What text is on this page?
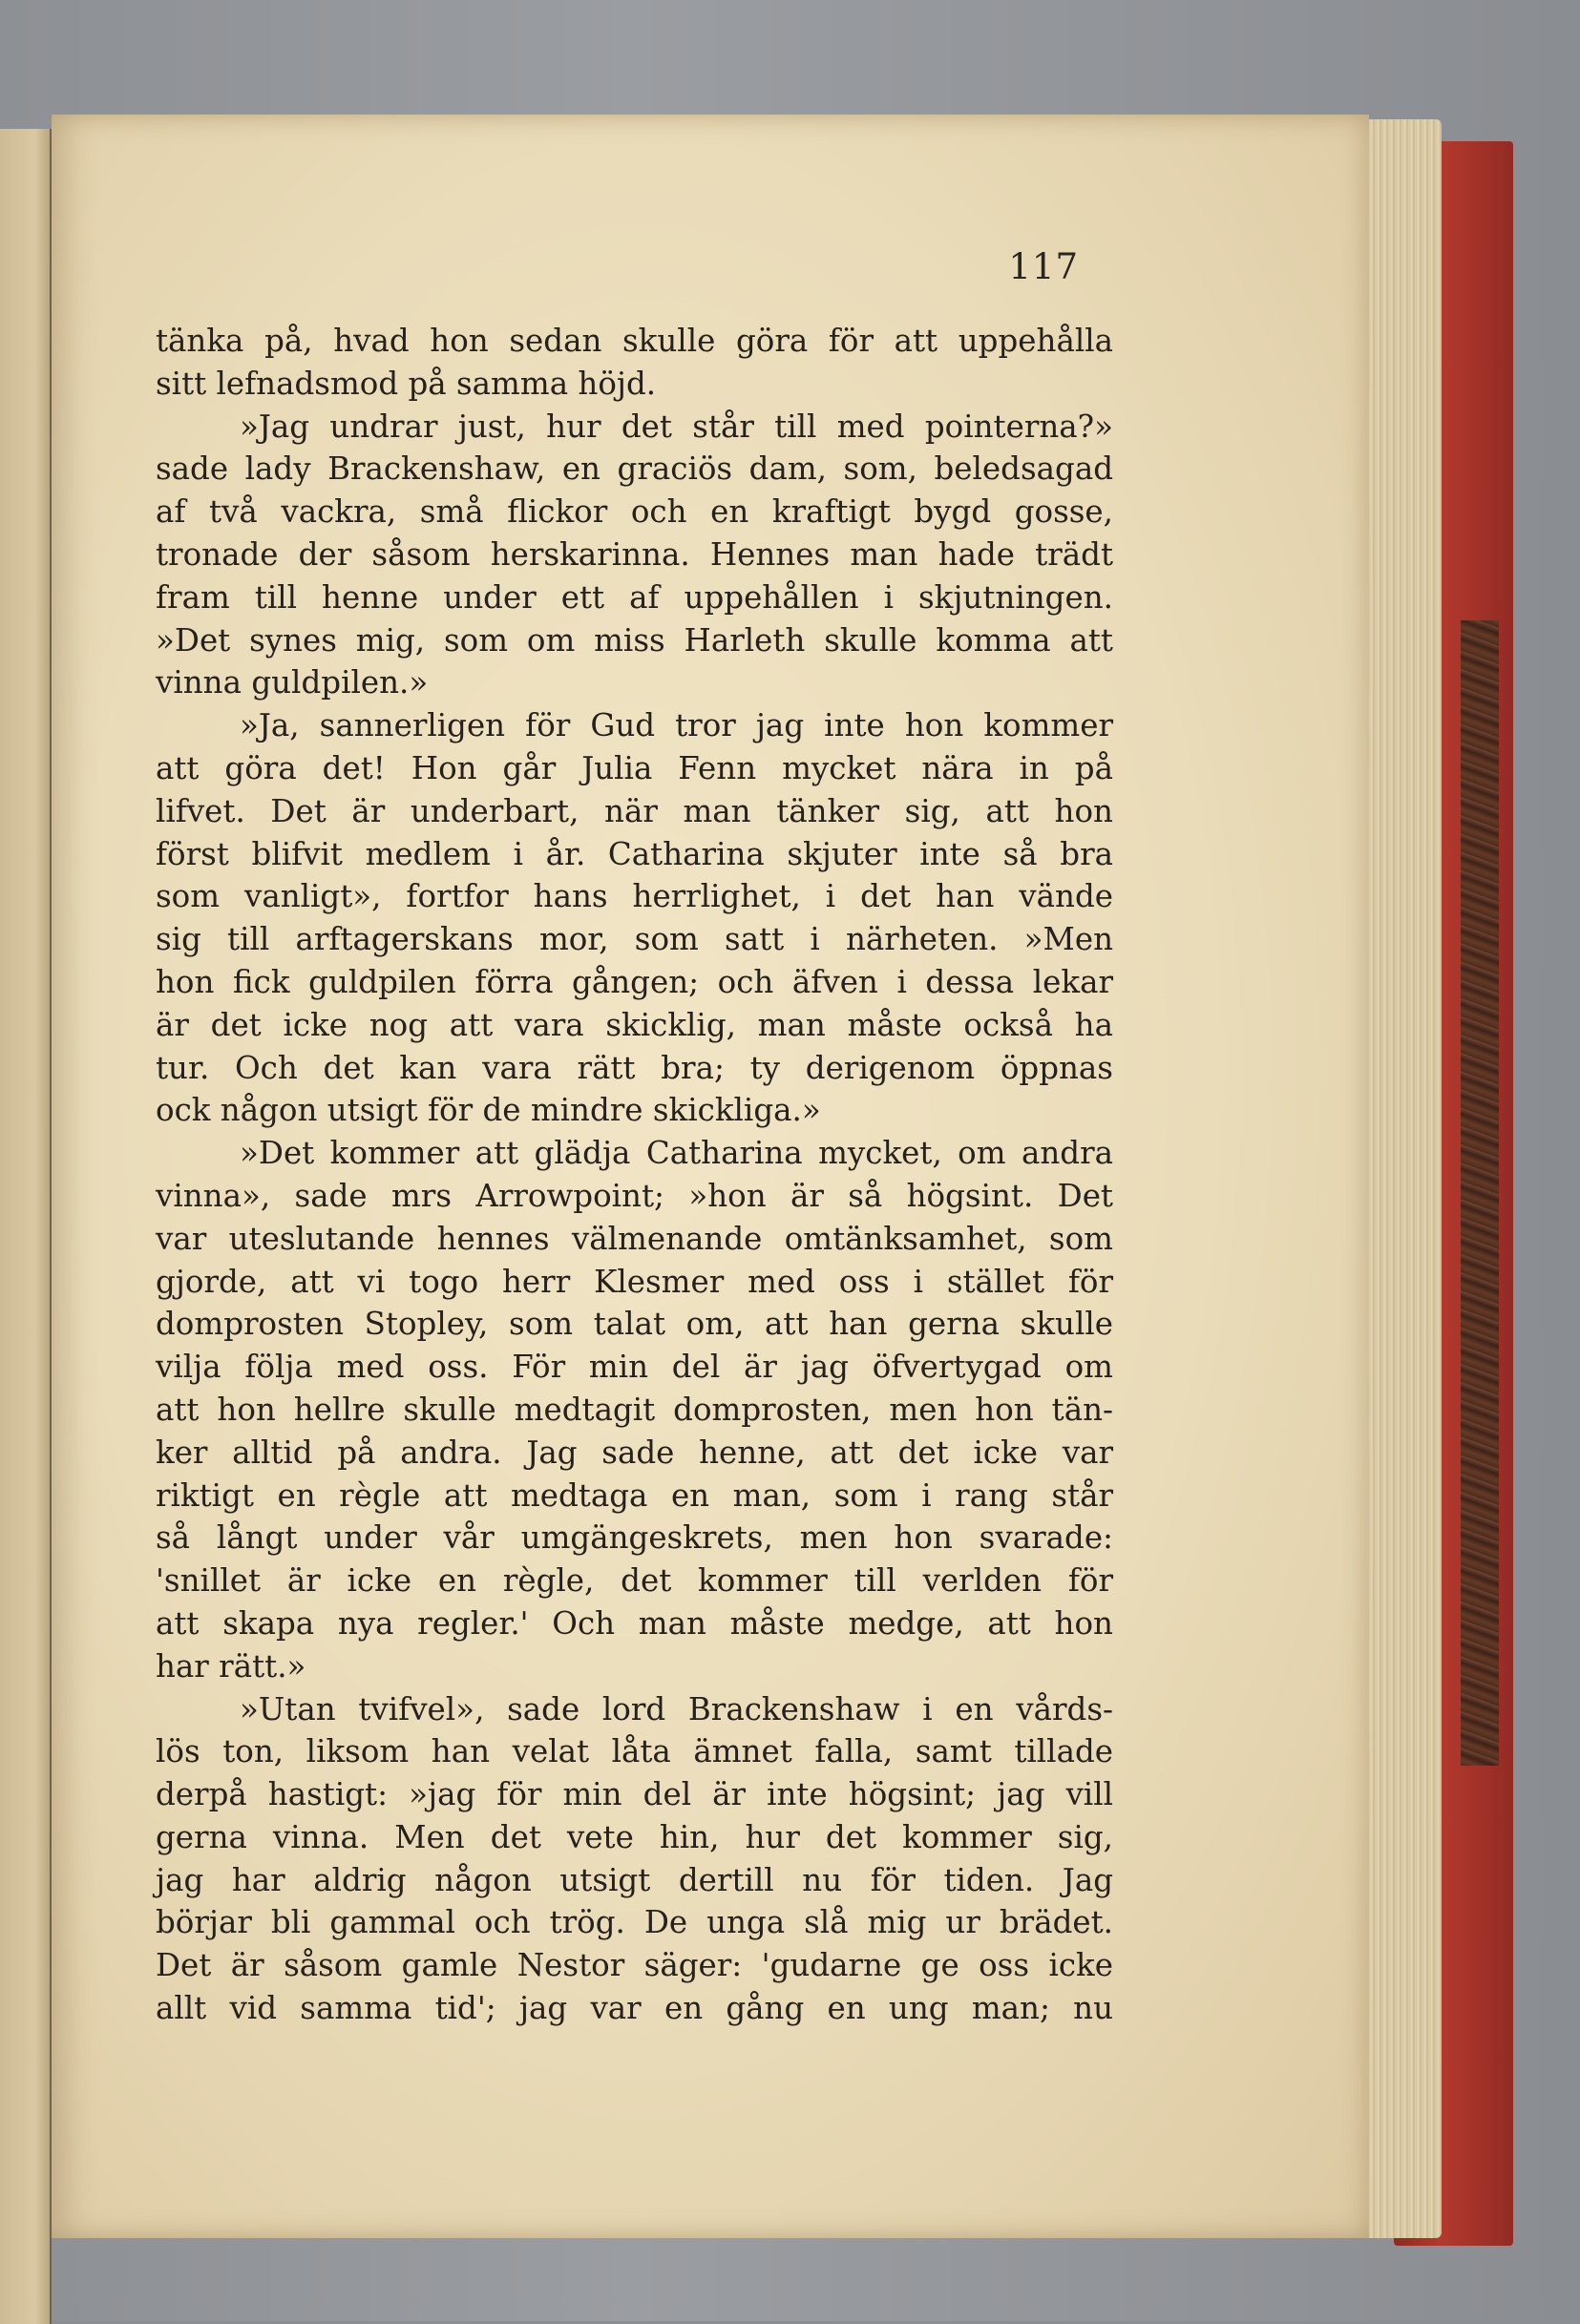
117
tänka på, hvad hon sedan skulle göra för att uppehålla
sitt lefnadsmod på samma höjd.
»Jag undrar just, hur det står till med pointerna?»
sade lady Brackenshaw, en graciös dam, som, beledsagad
af två vackra, små flickor och en kraftigt bygd gosse,
tronade der såsom herskarinna. Hennes man hade trädt
fram till henne under ett af uppehållen i skjutningen.
»Det synes mig, som om miss Harleth skulle komma att
vinna guldpilen.»
»Ja, sannerligen för Gud tror jag inte hon kommer
att göra det! Hon går Julia Fenn mycket nära in på
lifvet. Det är underbart, när man tänker sig, att hon
först blifvit medlem i år. Catharina skjuter inte så bra
som vanligt», fortfor hans herrlighet, i det han vände
sig till arftagerskans mor, som satt i närheten. »Men
hon fick guldpilen förra gången; och äfven i dessa lekar
är det icke nog att vara skicklig, man måste också ha
tur. Och det kan vara rätt bra; ty derigenom öppnas
ock någon utsigt för de mindre skickliga.»
»Det kommer att glädja Catharina mycket, om andra
vinna», sade mrs Arrowpoint; »hon är så högsint. Det
var uteslutande hennes välmenande omtänksamhet, som
gjorde, att vi togo herr Klesmer med oss i stället för
domprosten Stopley, som talat om, att han gerna skulle
vilja följa med oss. För min del är jag öfvertygad om
att hon hellre skulle medtagit domprosten, men hon tän-
ker alltid på andra. Jag sade henne, att det icke var
riktigt en règle att medtaga en man, som i rang står
så långt under vår umgängeskrets, men hon svarade:
'snillet är icke en règle, det kommer till verlden för
att skapa nya regler.' Och man måste medge, att hon
har rätt.»
»Utan tvifvel», sade lord Brackenshaw i en vårds-
lös ton, liksom han velat låta ämnet falla, samt tillade
derpå hastigt: »jag för min del är inte högsint; jag vill
gerna vinna. Men det vete hin, hur det kommer sig,
jag har aldrig någon utsigt dertill nu för tiden. Jag
börjar bli gammal och trög. De unga slå mig ur brädet.
Det är såsom gamle Nestor säger: 'gudarne ge oss icke
allt vid samma tid'; jag var en gång en ung man; nu
